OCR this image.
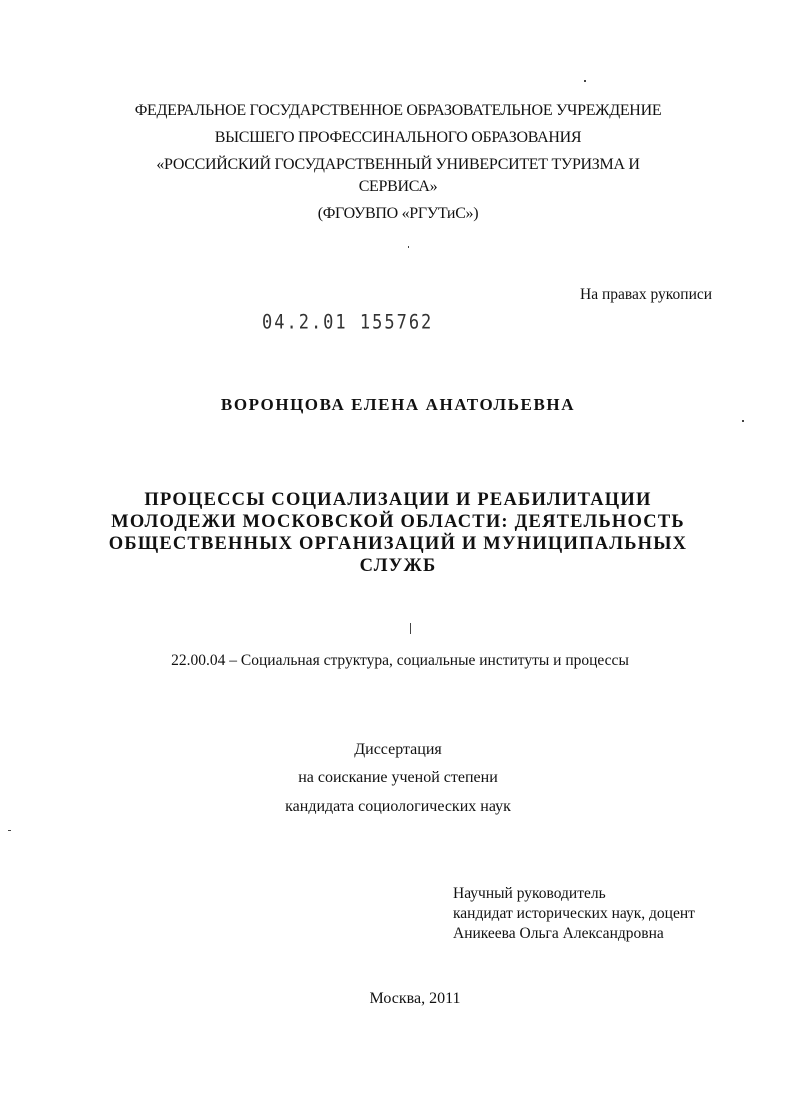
ФЕДЕРАЛЬНОЕ ГОСУДАРСТВЕННОЕ ОБРАЗОВАТЕЛЬНОЕ УЧРЕЖДЕНИЕ
ВЫСШЕГО ПРОФЕССИНАЛЬНОГО ОБРАЗОВАНИЯ
«РОССИЙСКИЙ ГОСУДАРСТВЕННЫЙ УНИВЕРСИТЕТ ТУРИЗМА И
СЕРВИСА»
(ФГОУВПО «РГУТиС»)
На правах рукописи
04.2.01 155762
ВОРОНЦОВА ЕЛЕНА АНАТОЛЬЕВНА
ПРОЦЕССЫ СОЦИАЛИЗАЦИИ И РЕАБИЛИТАЦИИ
МОЛОДЕЖИ МОСКОВСКОЙ ОБЛАСТИ: ДЕЯТЕЛЬНОСТЬ
ОБЩЕСТВЕННЫХ ОРГАНИЗАЦИЙ И МУНИЦИПАЛЬНЫХ
СЛУЖБ
22.00.04 – Социальная структура, социальные институты и процессы
Диссертация
на соискание ученой степени
кандидата социологических наук
Научный руководитель
кандидат исторических наук, доцент
Аникеева Ольга Александровна
Москва, 2011
